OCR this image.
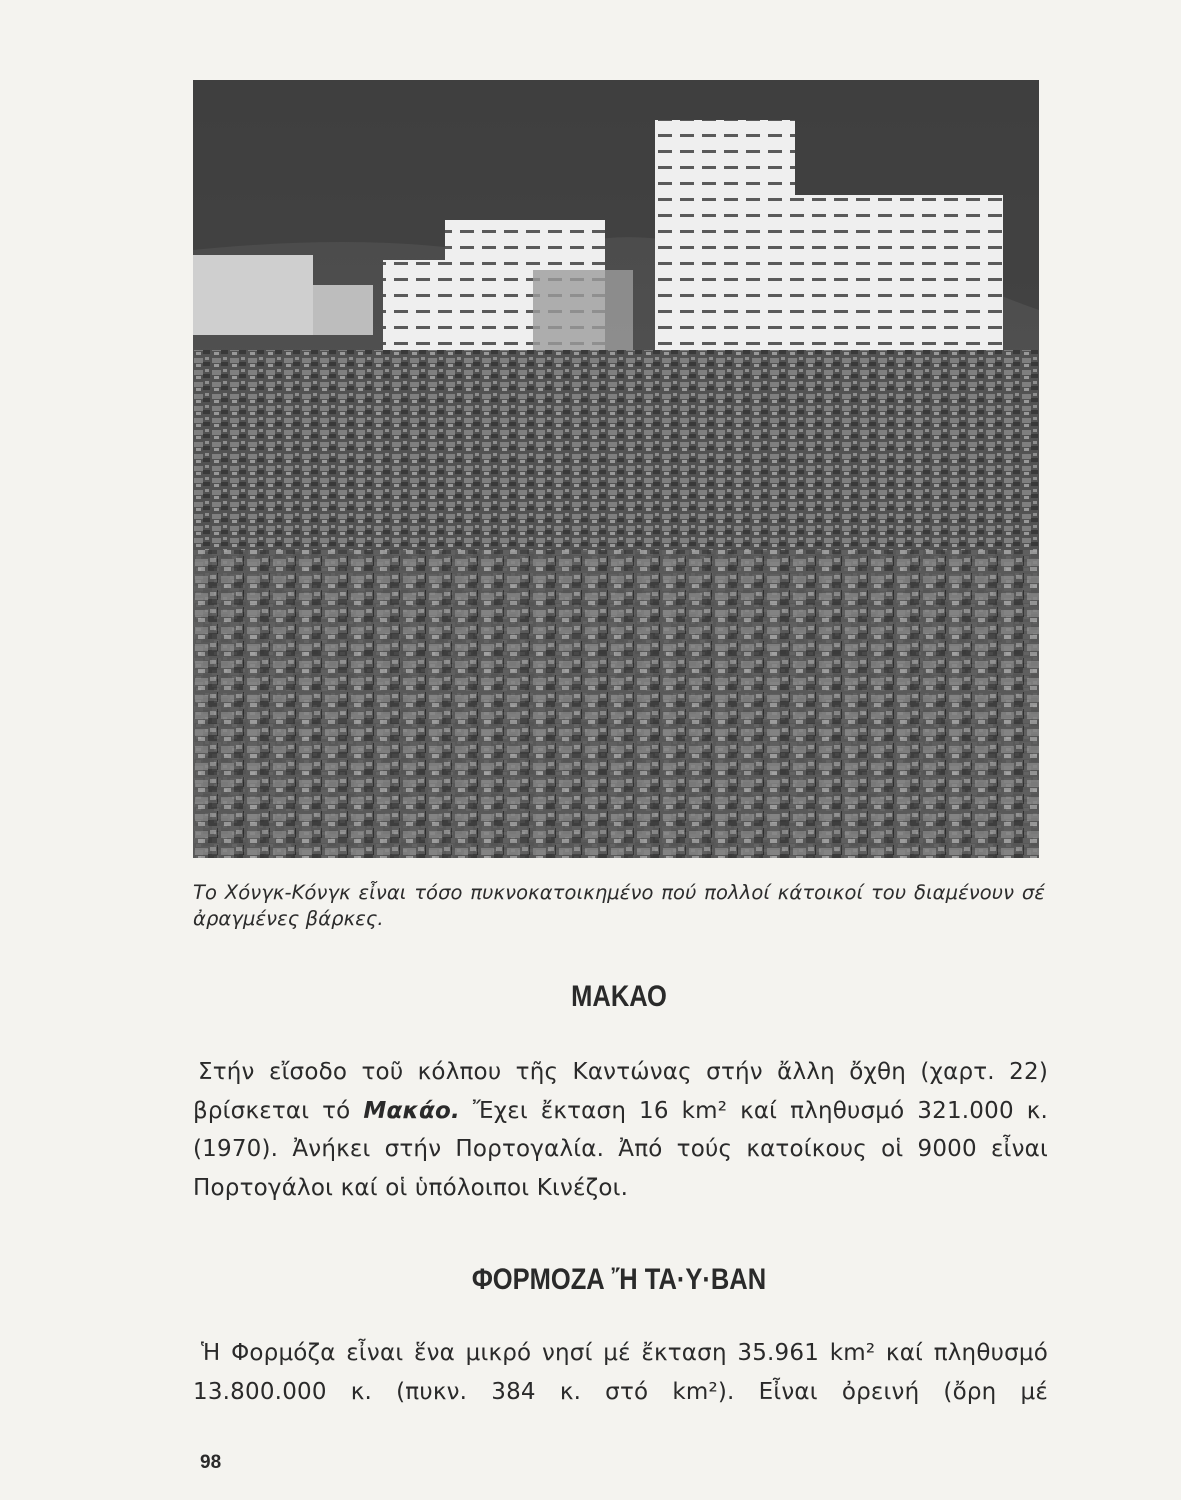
Το Χόνγκ-Κόνγκ εἶναι τόσο πυκνοκατοικημένο πού πολλοί κάτοικοί του διαμένουν σέ ἀραγμένες βάρκες.
ΜΑΚΑΟ

Στήν εἴσοδο τοῦ κόλπου τῆς Καντώνας στήν ἄλλη ὄχθη (χαρτ. 22) βρίσκεται τό Μακάο. Ἔχει ἔκταση 16 km² καί πληθυσμό 321.000 κ. (1970). Ἀνήκει στήν Πορτογαλία. Ἀπό τούς κατοίκους οἱ 9000 εἶναι Πορτογάλοι καί οἱ ὑπόλοιποι Κινέζοι.

ΦΟΡΜΟΖΑ Ἤ ΤΑ·Υ·ΒΑΝ

Ἡ Φορμόζα εἶναι ἕνα μικρό νησί μέ ἔκταση 35.961 km² καί πληθυσμό 13.800.000 κ. (πυκν. 384 κ. στό km²). Εἶναι ὀρεινή (ὄρη μέ

98
